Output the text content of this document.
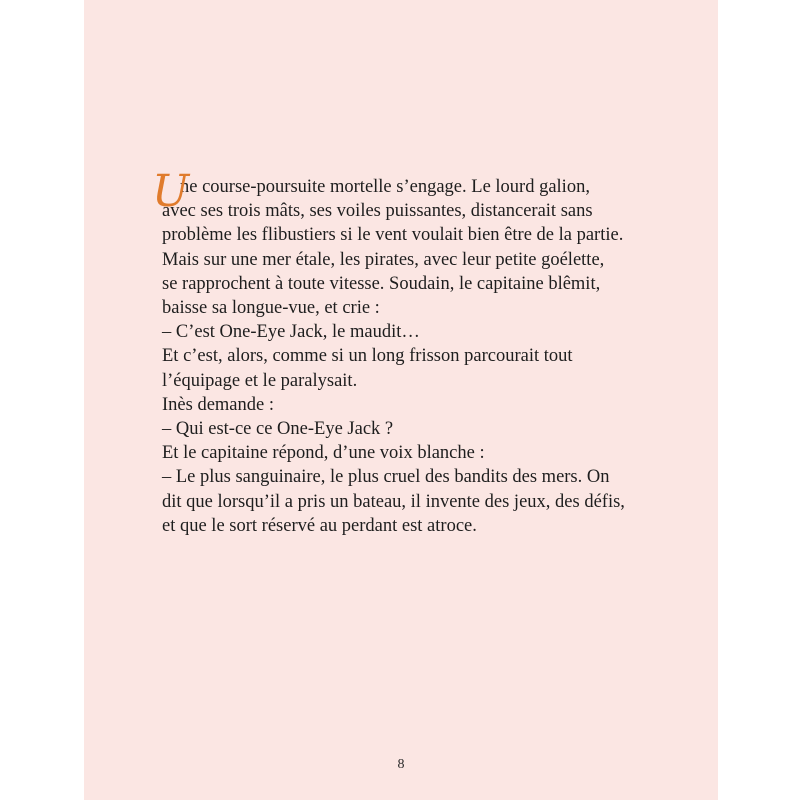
U
ne course-poursuite mortelle s’engage. Le lourd galion,
avec ses trois mâts, ses voiles puissantes, distancerait sans
problème les flibustiers si le vent voulait bien être de la partie.
Mais sur une mer étale, les pirates, avec leur petite goélette,
se rapprochent à toute vitesse. Soudain, le capitaine blêmit,
baisse sa longue-vue, et crie :
– C’est One-Eye Jack, le maudit…
Et c’est, alors, comme si un long frisson parcourait tout
l’équipage et le paralysait.
Inès demande :
– Qui est-ce ce One-Eye Jack ?
Et le capitaine répond, d’une voix blanche :
– Le plus sanguinaire, le plus cruel des bandits des mers. On
dit que lorsqu’il a pris un bateau, il invente des jeux, des défis,
et que le sort réservé au perdant est atroce.
8
